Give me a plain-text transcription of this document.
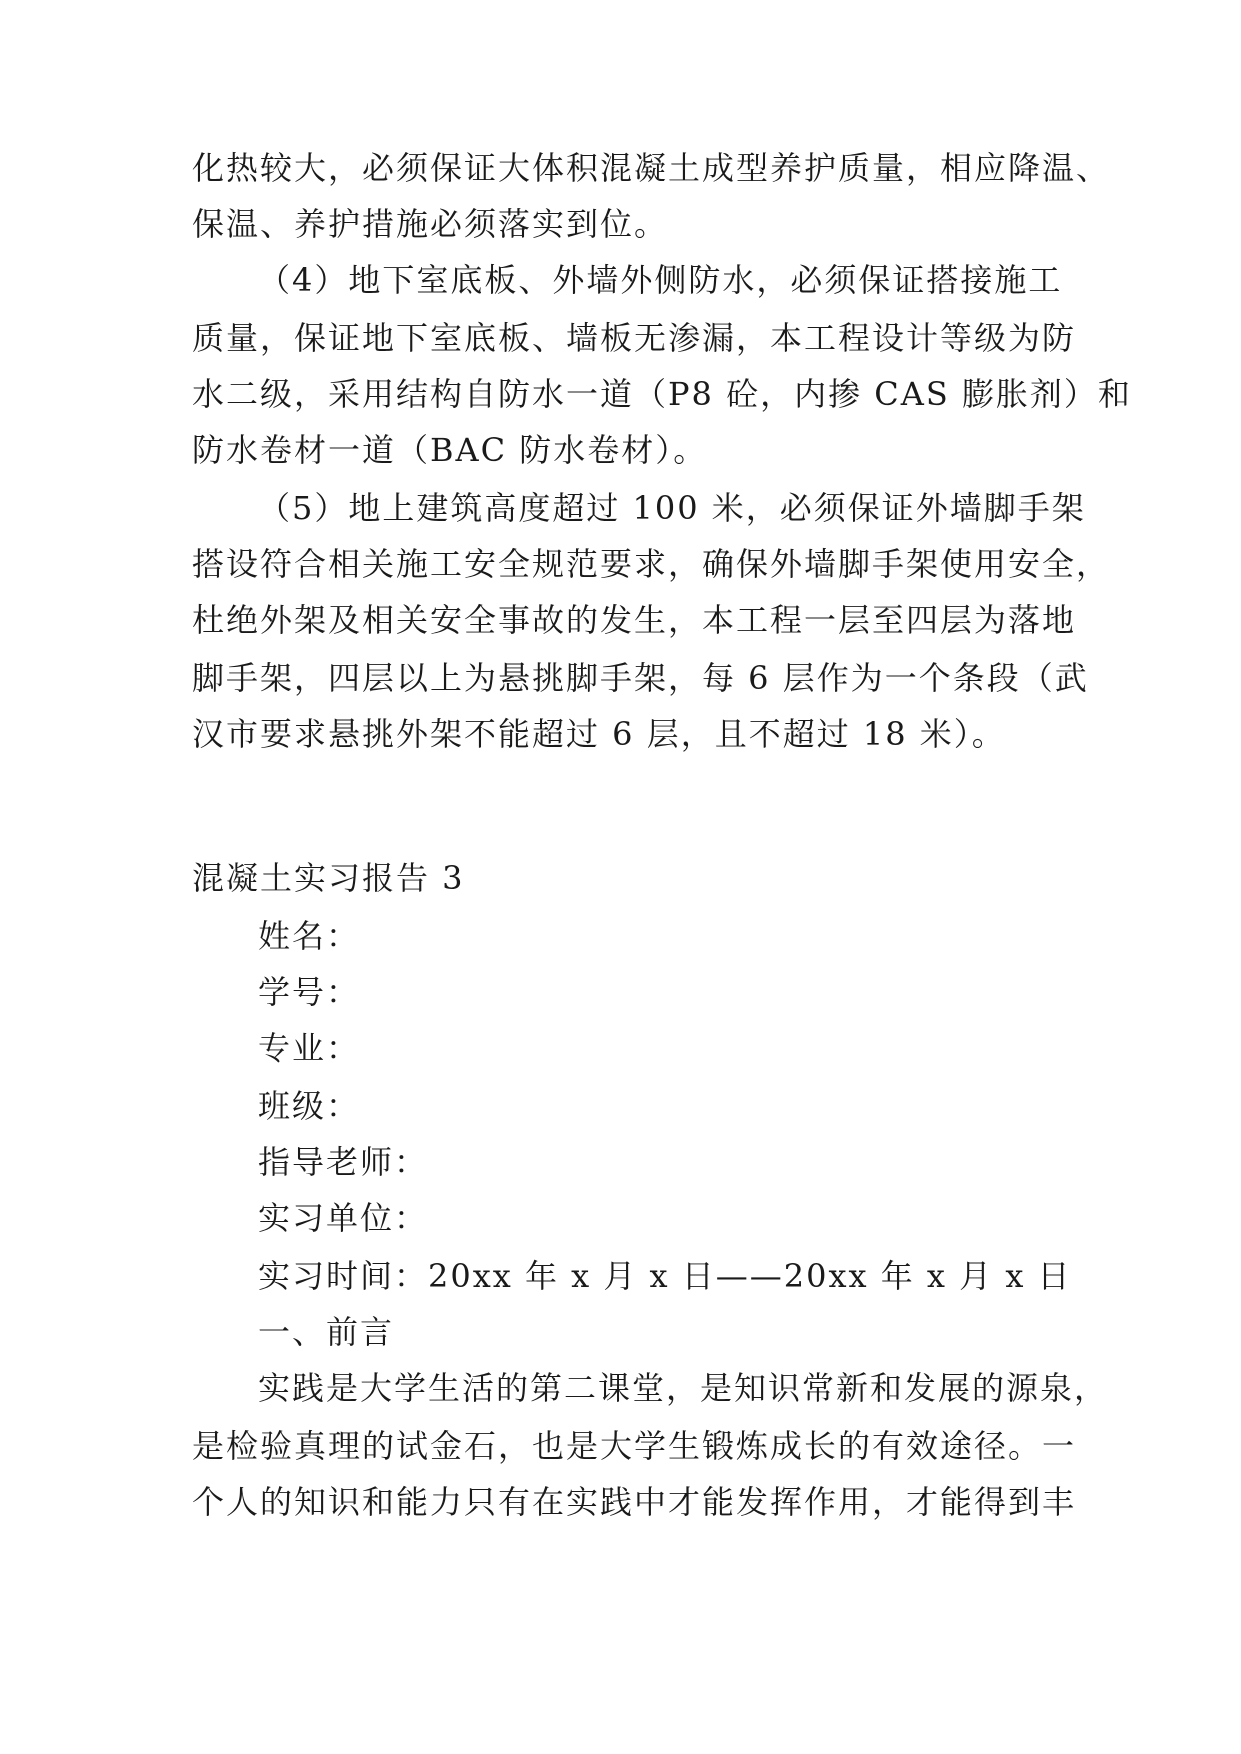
化热较大，必须保证大体积混凝土成型养护质量，相应降温、
保温、养护措施必须落实到位。
（4）地下室底板、外墙外侧防水，必须保证搭接施工
质量，保证地下室底板、墙板无渗漏，本工程设计等级为防
水二级，采用结构自防水一道（P8 砼，内掺 CAS 膨胀剂）和
防水卷材一道（BAC 防水卷材）。
（5）地上建筑高度超过 100 米，必须保证外墙脚手架
搭设符合相关施工安全规范要求，确保外墙脚手架使用安全，
杜绝外架及相关安全事故的发生，本工程一层至四层为落地
脚手架，四层以上为悬挑脚手架，每 6 层作为一个条段（武
汉市要求悬挑外架不能超过 6 层，且不超过 18 米）。
混凝土实习报告 3
姓名：
学号：
专业：
班级：
指导老师：
实习单位：
实习时间：20xx 年 x 月 x 日——20xx 年 x 月 x 日
一、前言
实践是大学生活的第二课堂，是知识常新和发展的源泉，
是检验真理的试金石，也是大学生锻炼成长的有效途径。一
个人的知识和能力只有在实践中才能发挥作用，才能得到丰
